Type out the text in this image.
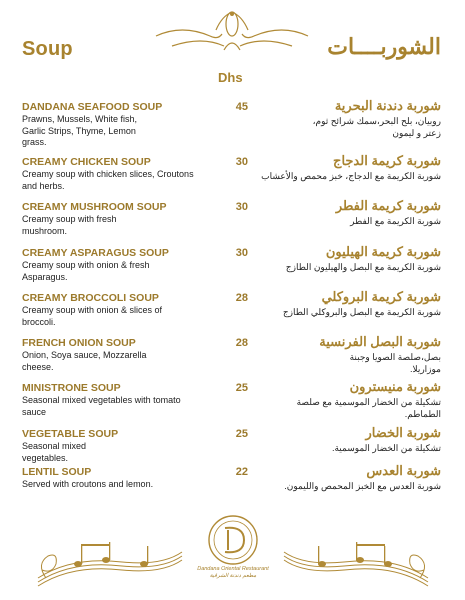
Soup	الشوربــــات
Dhs
DANDANA SEAFOOD SOUP
Prawns, Mussels, White fish, Garlic Strips, Thyme, Lemon grass.
45	شوربة دندنة البحرية
روبيان، بلح البحر،سمك شرائح ثوم، زعتر و ليمون
CREAMY CHICKEN SOUP
Creamy soup with chicken slices, Croutons and herbs.
30	شوربة كريمة الدجاج
شوربة الكريمة مع الدجاج، خبز محمص والأعشاب
CREAMY MUSHROOM SOUP
Creamy soup with fresh mushroom.
30	شوربة كريمة الفطر
شوربة الكريمة مع الفطر
CREAMY ASPARAGUS SOUP
Creamy soup with onion & fresh Asparagus.
30	شوربة كريمة الهيليون
شوربة الكريمة مع البصل والهيليون الطازج
CREAMY BROCCOLI SOUP
Creamy soup with onion & slices of broccoli.
28	شوربة كريمة البروكلي
شوربة الكريمة مع البصل والبروكلي الطازج
FRENCH ONION SOUP
Onion, Soya sauce, Mozzarella cheese.
28	شوربة البصل الفرنسية
بصل،صلصة الصويا وجبنة موزاريلا.
MINISTRONE SOUP
Seasonal mixed vegetables with tomato sauce
25	شوربة منيسترون
تشكيلة من الخضار الموسمية مع صلصة الطماطم.
VEGETABLE SOUP
Seasonal mixed vegetables.
25	شوربة الخضار
تشكيلة من الخضار الموسمية.
LENTIL SOUP
Served with croutons and lemon.
22	شوربة العدس
شوربة العدس مع الخبز المحمص والليمون.
Dandana Oriental Restaurant
مطعم دندنة الشرقية
